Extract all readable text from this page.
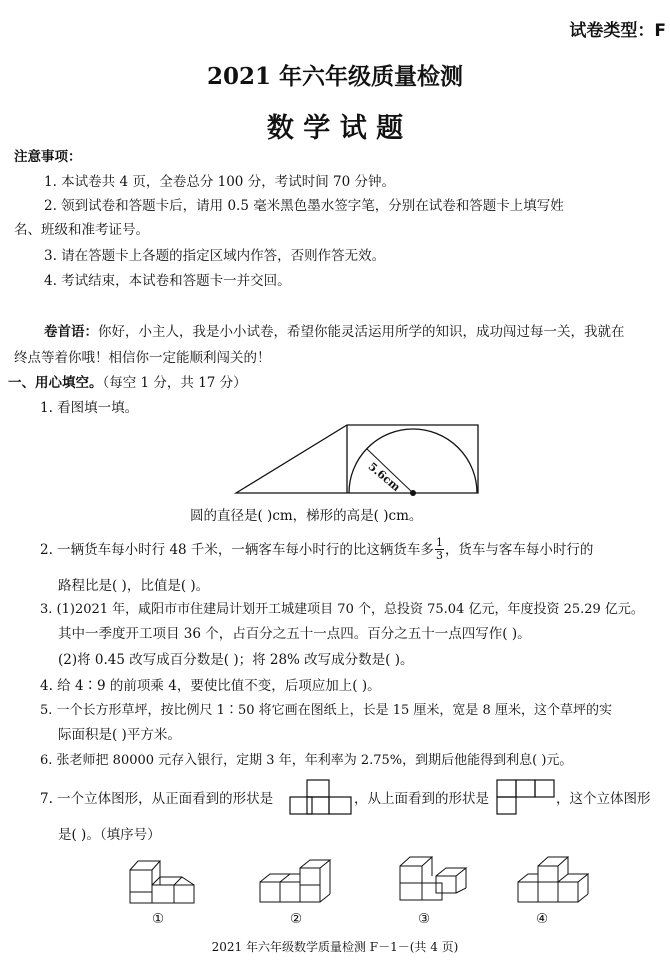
试卷类型：F
2021 年六年级质量检测
数 学 试 题
注意事项：
1. 本试卷共 4 页，全卷总分 100 分，考试时间 70 分钟。
2. 领到试卷和答题卡后，请用 0.5 毫米黑色墨水签字笔，分别在试卷和答题卡上填写姓
名、班级和准考证号。
3. 请在答题卡上各题的指定区域内作答，否则作答无效。
4. 考试结束，本试卷和答题卡一并交回。
卷首语：你好，小主人，我是小小试卷，希望你能灵活运用所学的知识，成功闯过每一关，我就在
终点等着你哦！相信你一定能顺利闯关的！
一、用心填空。（每空 1 分，共 17 分）
1. 看图填一填。
5.6cm
圆的直径是( )cm，梯形的高是( )cm。
2. 一辆货车每小时行 48 千米，一辆客车每小时行的比这辆货车多 $\frac{1}{3}$ ，货车与客车每小时行的
路程比是( )，比值是( )。
3. (1)2021 年，咸阳市市住建局计划开工城建项目 70 个，总投资 75.04 亿元，年度投资 25.29 亿元。
其中一季度开工项目 36 个，占百分之五十一点四。百分之五十一点四写作( )。
(2)将 0.45 改写成百分数是( )；将 28% 改写成分数是( )。
4. 给 4∶9 的前项乘 4，要使比值不变，后项应加上( )。
5. 一个长方形草坪，按比例尺 1∶50 将它画在图纸上，长是 15 厘米，宽是 8 厘米，这个草坪的实
际面积是( )平方米。
6. 张老师把 80000 元存入银行，定期 3 年，年利率为 2.75%，到期后他能得到利息( )元。
7. 一个立体图形，从正面看到的形状是	，从上面看到的形状是	，这个立体图形
是( )。（填序号）
①	②	③	④
2021 年六年级数学质量检测 F－1－(共 4 页)
